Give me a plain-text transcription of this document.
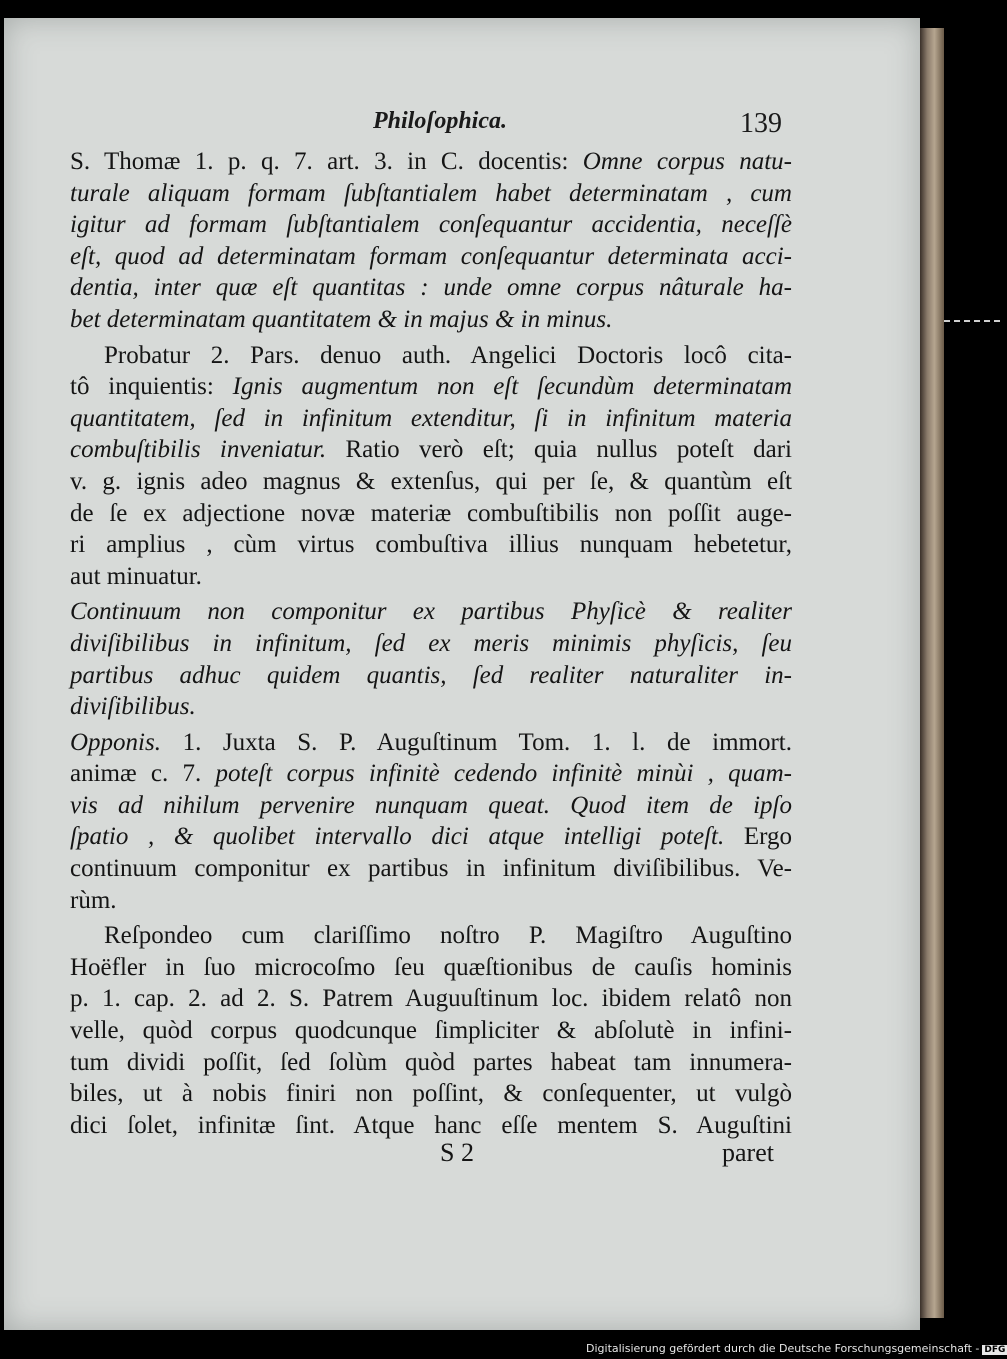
Philoſophica.	139
S. Thomæ 1. p. q. 7. art. 3. in C. docentis: Omne corpus natu-
turale aliquam formam ſubſtantialem habet determinatam , cum
igitur ad formam ſubſtantialem conſequantur accidentia, neceſſè
eſt, quod ad determinatam formam conſequantur determinata acci-
dentia, inter quæ eſt quantitas : unde omne corpus nâturale ha-
bet determinatam quantitatem & in majus & in minus.
Probatur 2. Pars. denuo auth. Angelici Doctoris locô cita-
tô inquientis: Ignis augmentum non eſt ſecundùm determinatam
quantitatem, ſed in infinitum extenditur, ſi in infinitum materia
combuſtibilis inveniatur. Ratio verò eſt; quia nullus poteſt dari
v. g. ignis adeo magnus & extenſus, qui per ſe, & quantùm eſt
de ſe ex adjectione novæ materiæ combuſtibilis non poſſit auge-
ri amplius , cùm virtus combuſtiva illius nunquam hebetetur,
aut minuatur.
Continuum non componitur ex partibus Phyſicè & realiter
diviſibilibus in infinitum, ſed ex meris minimis phyſicis, ſeu
partibus adhuc quidem quantis, ſed realiter naturaliter in-
diviſibilibus.
Opponis. 1. Juxta S. P. Auguſtinum Tom. 1. l. de immort.
animæ c. 7. poteſt corpus infinitè cedendo infinitè minùi , quam-
vis ad nihilum pervenire nunquam queat. Quod item de ipſo
ſpatio , & quolibet intervallo dici atque intelligi poteſt. Ergo
continuum componitur ex partibus in infinitum diviſibilibus. Ve-
rùm.
Reſpondeo cum clariſſimo noſtro P. Magiſtro Auguſtino
Hoëfler in ſuo microcoſmo ſeu quæſtionibus de cauſis hominis
p. 1. cap. 2. ad 2. S. Patrem Auguuſtinum loc. ibidem relatô non
velle, quòd corpus quodcunque ſimpliciter & abſolutè in infini-
tum dividi poſſit, ſed ſolùm quòd partes habeat tam innumera-
biles, ut à nobis finiri non poſſint, & conſequenter, ut vulgò
dici ſolet, infinitæ ſint. Atque hanc eſſe mentem S. Auguſtini
S 2	paret
Digitalisierung gefördert durch die Deutsche Forschungsgemeinschaft - DFG
